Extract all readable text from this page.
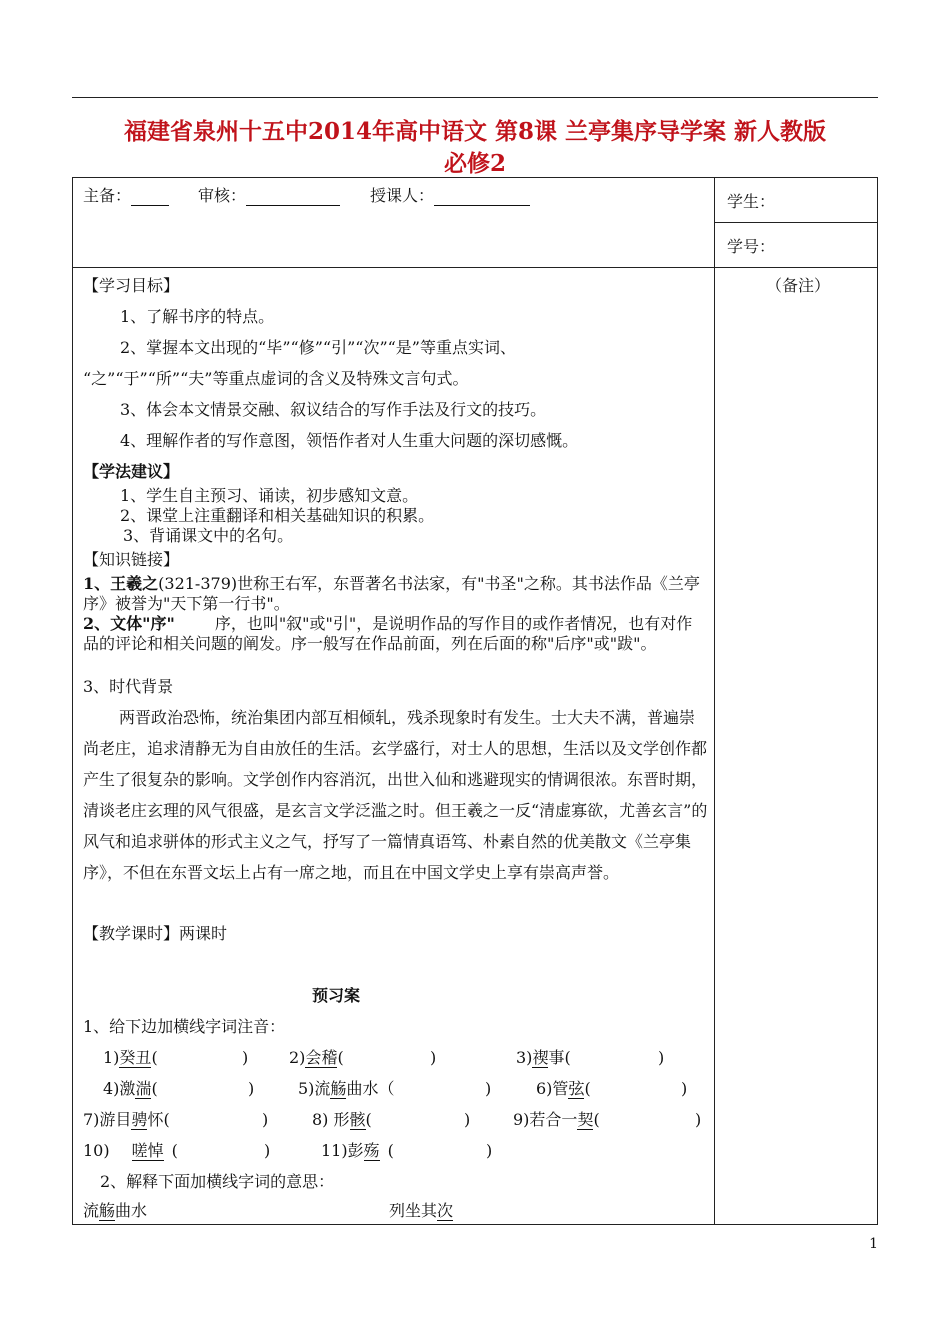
福建省泉州十五中2014年高中语文 第8课 兰亭集序导学案 新人教版
必修2
主备：	审核：	授课人：	学生：
学号：
（备注）
【学习目标】
1、了解书序的特点。
2、掌握本文出现的“毕”“修”“引”“次”“是”等重点实词、
“之”“于”“所”“夫”等重点虚词的含义及特殊文言句式。
3、体会本文情景交融、叙议结合的写作手法及行文的技巧。
4、理解作者的写作意图，领悟作者对人生重大问题的深切感慨。
【学法建议】
1、学生自主预习、诵读，初步感知文意。
2、课堂上注重翻译和相关基础知识的积累。
3、背诵课文中的名句。
【知识链接】
1、王羲之(321-379)世称王右军，东晋著名书法家，有"书圣"之称。其书法作品《兰亭序》被誉为"天下第一行书"。
2、文体"序"	序，也叫"叙"或"引"，是说明作品的写作目的或作者情况，也有对作品的评论和相关问题的阐发。序一般写在作品前面，列在后面的称"后序"或"跋"。
3、时代背景
两晋政治恐怖，统治集团内部互相倾轧，残杀现象时有发生。士大夫不满，普遍崇尚老庄，追求清静无为自由放任的生活。玄学盛行，对士人的思想，生活以及文学创作都产生了很复杂的影响。文学创作内容消沉，出世入仙和逃避现实的情调很浓。东晋时期，清谈老庄玄理的风气很盛，是玄言文学泛滥之时。但王羲之一反“清虚寡欲，尤善玄言”的风气和追求骈体的形式主义之气，抒写了一篇情真语笃、朴素自然的优美散文《兰亭集序》，不但在东晋文坛上占有一席之地，而且在中国文学史上享有崇高声誉。
【教学课时】两课时
预习案
1、给下边加横线字词注音：
1)癸丑(	)	2)会稽(	)	3)禊事(	)
4)激湍(	)	5)流觞曲水（	)	6)管弦(	)
7)游目骋怀(	)	8) 形骸(	)	9)若合一契(	)
10) 嗟悼 (	)	11)彭殇 (	)
2、解释下面加横线字词的意思：
流觞曲水	列坐其次
1
